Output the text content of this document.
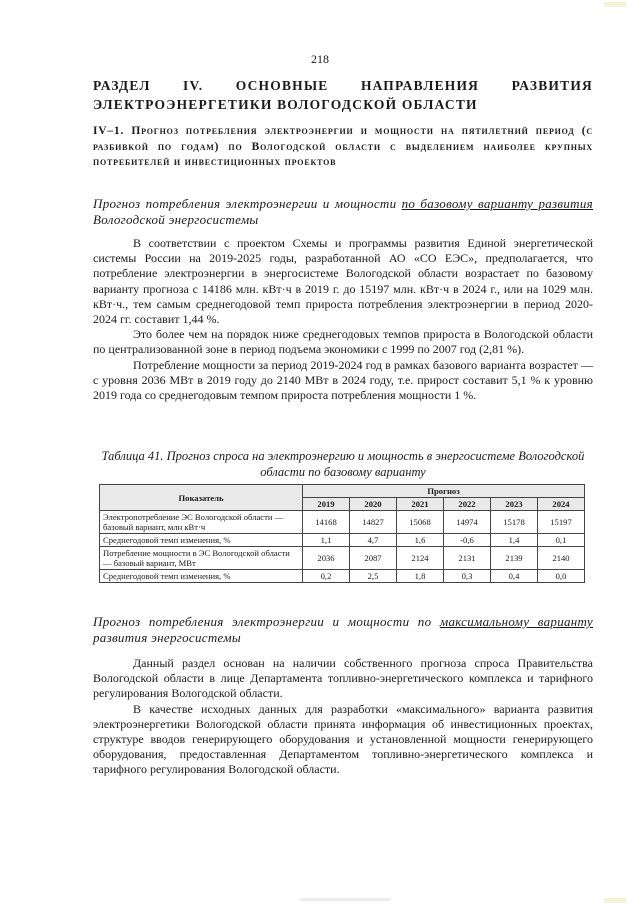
218
РАЗДЕЛ IV. ОСНОВНЫЕ НАПРАВЛЕНИЯ РАЗВИТИЯ ЭЛЕКТРОЭНЕРГЕТИКИ ВОЛОГОДСКОЙ ОБЛАСТИ
IV–1. Прогноз потребления электроэнергии и мощности на пятилетний период (с разбивкой по годам) по Вологодской области с выделением наиболее крупных потребителей и инвестиционных проектов
Прогноз потребления электроэнергии и мощности по базовому варианту развития Вологодской энергосистемы

В соответствии с проектом Схемы и программы развития Единой энергетической системы России на 2019-2025 годы, разработанной АО «СО ЕЭС», предполагается, что потребление электроэнергии в энергосистеме Вологодской области возрастает по базовому варианту прогноза с 14186 млн. кВт·ч в 2019 г. до 15197 млн. кВт·ч в 2024 г., или на 1029 млн. кВт·ч., тем самым среднегодовой темп прироста потребления электроэнергии в период 2020-2024 гг. составит 1,44 %.

Это более чем на порядок ниже среднегодовых темпов прироста в Вологодской области по централизованной зоне в период подъема экономики с 1999 по 2007 год (2,81 %).

Потребление мощности за период 2019-2024 год в рамках базового варианта возрастет — с уровня 2036 МВт в 2019 году до 2140 МВт в 2024 году, т.е. прирост составит 5,1 % к уровню 2019 года со среднегодовым темпом прироста потребления мощности 1 %.

Таблица 41. Прогноз спроса на электроэнергию и мощность в энергосистеме Вологодской области по базовому варианту
Показатель	Прогноз					
	2019	2020	2021	2022	2023	2024
Электропотребление ЭС Вологодской области — базовый вариант, млн кВт·ч	14168	14827	15068	14974	15178	15197
Среднегодовой темп изменения, %	1,1	4,7	1,6	-0,6	1,4	0,1
Потребление мощности в ЭС Вологодской области — базовый вариант, МВт	2036	2087	2124	2131	2139	2140
Среднегодовой темп изменения, %	0,2	2,5	1,8	0,3	0,4	0,0
Прогноз потребления электроэнергии и мощности по максимальному варианту развития энергосистемы

Данный раздел основан на наличии собственного прогноза спроса Правительства Вологодской области в лице Департамента топливно-энергетического комплекса и тарифного регулирования Вологодской области.

В качестве исходных данных для разработки «максимального» варианта развития электроэнергетики Вологодской области принята информация об инвестиционных проектах, структуре вводов генерирующего оборудования и установленной мощности генерирующего оборудования, предоставленная Департаментом топливно-энергетического комплекса и тарифного регулирования Вологодской области.
